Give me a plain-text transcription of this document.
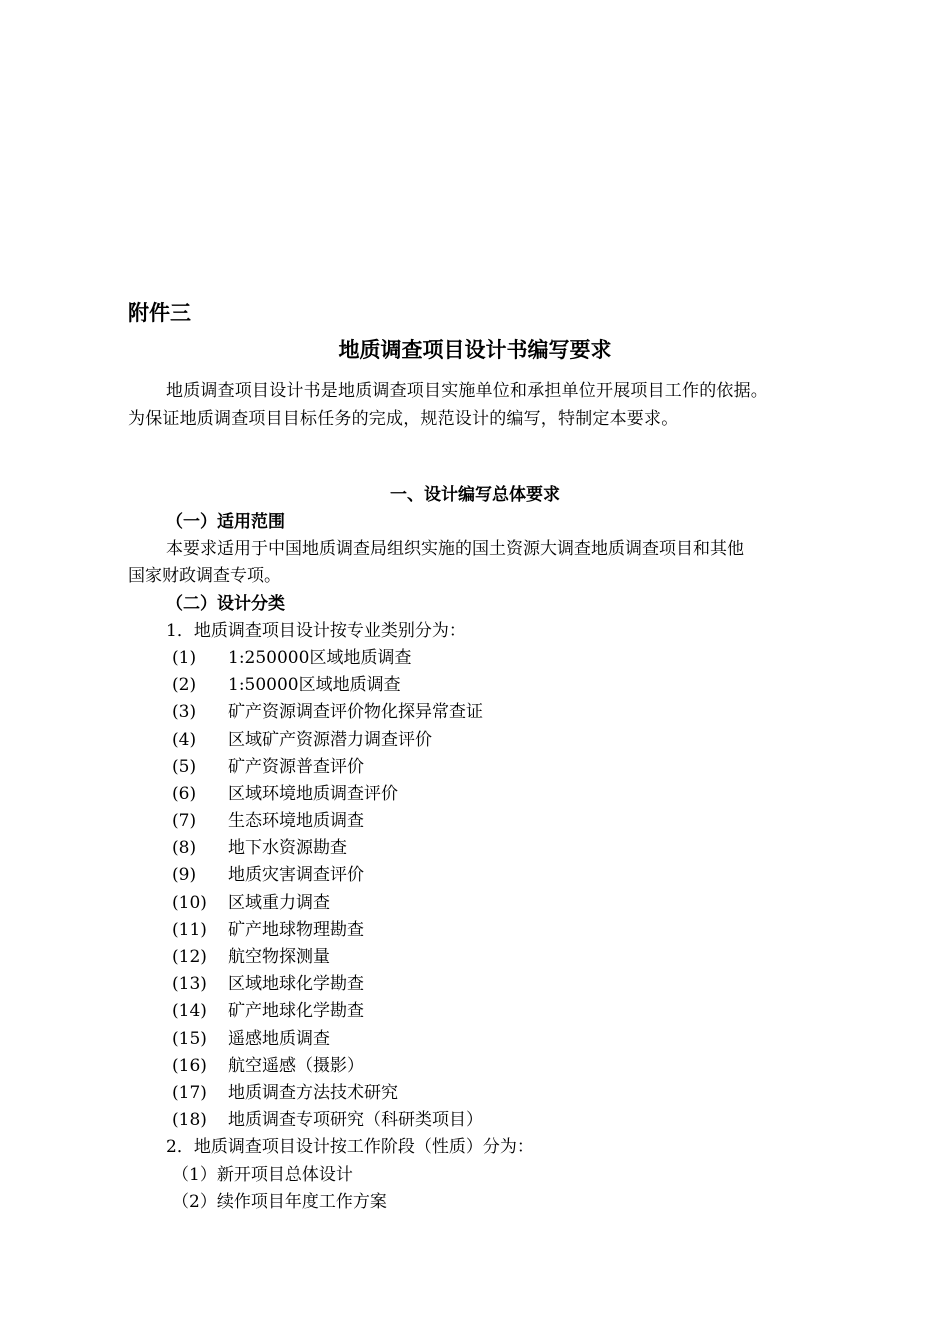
附件三
地质调查项目设计书编写要求

地质调查项目设计书是地质调查项目实施单位和承担单位开展项目工作的依据。

为保证地质调查项目目标任务的完成，规范设计的编写，特制定本要求。

一、设计编写总体要求
（一）适用范围
本要求适用于中国地质调查局组织实施的国土资源大调查地质调查项目和其他
国家财政调查专项。
（二）设计分类
1．地质调查项目设计按专业类别分为：
(1) 1:250000区域地质调查
(2) 1:50000区域地质调查
(3) 矿产资源调查评价物化探异常查证
(4) 区域矿产资源潜力调查评价
(5) 矿产资源普查评价
(6) 区域环境地质调查评价
(7) 生态环境地质调查
(8) 地下水资源勘查
(9) 地质灾害调查评价
(10) 区域重力调查
(11) 矿产地球物理勘查
(12) 航空物探测量
(13) 区域地球化学勘查
(14) 矿产地球化学勘查
(15) 遥感地质调查
(16) 航空遥感（摄影）
(17) 地质调查方法技术研究
(18) 地质调查专项研究（科研类项目）
2．地质调查项目设计按工作阶段（性质）分为：
（1）新开项目总体设计
（2）续作项目年度工作方案
